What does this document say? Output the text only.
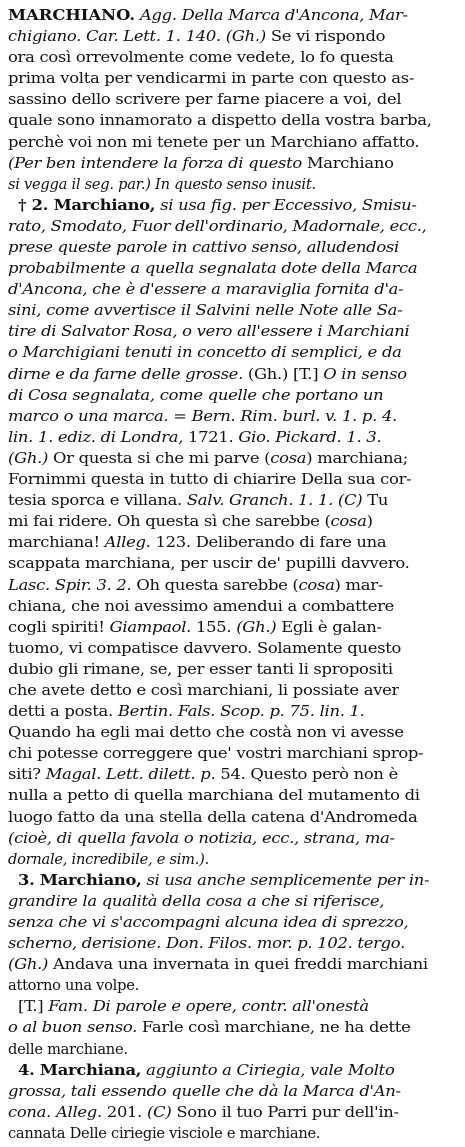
MARCHIANO. Agg. Della Marca d'Ancona, Mar-
chigiano. Car. Lett. 1. 140. (Gh.) Se vi rispondo
ora così orrevolmente come vedete, lo fo questa
prima volta per vendicarmi in parte con questo as-
sassino dello scrivere per farne piacere a voi, del
quale sono innamorato a dispetto della vostra barba,
perchè voi non mi tenete per un Marchiano affatto.
(Per ben intendere la forza di questo Marchiano
si vegga il seg. par.) In questo senso inusit.
† 2. Marchiano, si usa fig. per Eccessivo, Smisu-
rato, Smodato, Fuor dell'ordinario, Madornale, ecc.,
prese queste parole in cattivo senso, alludendosi
probabilmente a quella segnalata dote della Marca
d'Ancona, che è d'essere a maraviglia fornita d'a-
sini, come avvertisce il Salvini nelle Note alle Sa-
tire di Salvator Rosa, o vero all'essere i Marchiani
o Marchigiani tenuti in concetto di semplici, e da
dirne e da farne delle grosse. (Gh.) [T.] O in senso
di Cosa segnalata, come quelle che portano un
marco o una marca. = Bern. Rim. burl. v. 1. p. 4.
lin. 1. ediz. di Londra, 1721. Gio. Pickard. 1. 3.
(Gh.) Or questa si che mi parve (cosa) marchiana;
Fornimmi questa in tutto di chiarire Della sua cor-
tesia sporca e villana. Salv. Granch. 1. 1. (C) Tu
mi fai ridere. Oh questa sì che sarebbe (cosa)
marchiana! Alleg. 123. Deliberando di fare una
scappata marchiana, per uscir de' pupilli davvero.
Lasc. Spir. 3. 2. Oh questa sarebbe (cosa) mar-
chiana, che noi avessimo amendui a combattere
cogli spiriti! Giampaol. 155. (Gh.) Egli è galan-
tuomo, vi compatisce davvero. Solamente questo
dubio gli rimane, se, per esser tanti li spropositi
che avete detto e così marchiani, li possiate aver
detti a posta. Bertin. Fals. Scop. p. 75. lin. 1.
Quando ha egli mai detto che costà non vi avesse
chi potesse correggere que' vostri marchiani sprop-
siti? Magal. Lett. dilett. p. 54. Questo però non è
nulla a petto di quella marchiana del mutamento di
luogo fatto da una stella della catena d'Andromeda
(cioè, di quella favola o notizia, ecc., strana, ma-
dornale, incredibile, e sim.).
3. Marchiano, si usa anche semplicemente per in-
grandire la qualità della cosa a che si riferisce,
senza che vi s'accompagni alcuna idea di sprezzo,
scherno, derisione. Don. Filos. mor. p. 102. tergo.
(Gh.) Andava una invernata in quei freddi marchiani
attorno una volpe.
[T.] Fam. Di parole e opere, contr. all'onestà
o al buon senso. Farle così marchiane, ne ha dette
delle marchiane.
4. Marchiana, aggiunto a Ciriegia, vale Molto
grossa, tali essendo quelle che dà la Marca d'An-
cona. Alleg. 201. (C) Sono il tuo Parri pur dell'in-
cannata Delle ciriegie visciole e marchiane.
